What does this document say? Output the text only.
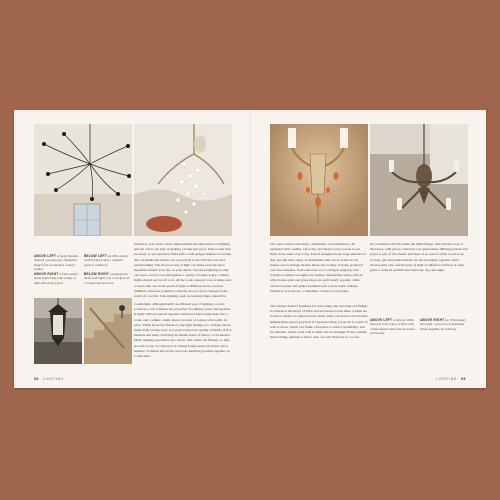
ABOVE LEFT A Serge Mouille-inspired contemporary chandelier hangs from an Oriental, vaulted ceiling.
ABOVE RIGHT A 19th-century metal frame hung with strings of light-refracting crystal.
BELOW LEFT An 18th-century church lantern adds a romantic touch to a hallway.
BELOW RIGHT Contemporary metal wall lights cast a soft glow in a cream stone staircase.
Whatever your tastes, don't underestimate the importance of lighting and the role it can play in making a home feel good. Your rooms may be nearly as you planned, filled with a well-judged mixture of texture and old-fashioned charm, but a poorly lit room will feel cold and unwelcoming. The incorrect use of light can make even the most beautiful scheme look flat, so plan ahead. Overhead lighting is only one layer, and for real atmosphere a variety of lamps is key. Ceiling lights should not be left to do all the work; instead, look at lamps and sconces that can create pools of light at different levels, and use dimmers wherever possible so that the mood can be changed at the touch of a switch. Task lighting, such as reading lamps, should be
Candlelight, although hardly an efficient way of lighting a room, produces a soft romantic mood perfect for dining rooms and gardens at night. Mirrors placed opposite windows bounce light deep into a room, and a simple candle placed in front of a glass will double its glow. Think about the finish of your light fittings, too: antique pieces made from bronze, iron, wood and crystal are readily available at flea markets and sales, and bring an instant sense of history to an interior. Many lighting specialists also restore and rewire old fittings, so they are safe to use. A collection of vintage lamps need not match, and a mixture of shapes and styles can look charming grouped together on a side table.
58 LIGHTING
Of course, before electricity, chandeliers were intended to be equipped with candles, but today, and there's every reason to see them in the same way today. French designers have long understood this, and the wide range of chandeliers that can be found in old houses and at antique dealers shows the variety of styles produced over the centuries, from elaborate rococo designs dripping with crystals to simple wrought-iron frames. Nineteenth-century pieces with bronze arms and glass drops are particularly popular, while carved wooden and gilded examples suit a more rustic scheme. Whatever you choose, a chandelier creates a focal point.
The antique dealer's fondness for renovating and restoring old fittings is evident in the shops of Paris and provincial towns alike. Lamps are rewired, shades are replaced and candle arms converted to hold bulbs, making these pieces practical for modern living. Look out for pairs of wall sconces, which can frame a fireplace or mirror beautifully, and for lanterns, which work well in halls and on landings. Even a simple metal fitting, painted or left to rust, can add character to a room.
In a traditional French home the light fittings often tell the story of the house, with pieces collected over generations. Mixing periods and styles is part of the charm, and there is no need to stick to one look. Crystal, gilt and painted metal can all sit happily together when chosen with care, and the play of light on different surfaces is what gives a room its warmth and character, day and night.
ABOVE LEFT A delicate 1940s mirrored wall sconce is fitted with candle-shaped bulbs and decorated with beads.
ABOVE RIGHT An 18th-century silver-gilt, carved wood chandelier hangs elegantly in a hallway.
LIGHTING 59
